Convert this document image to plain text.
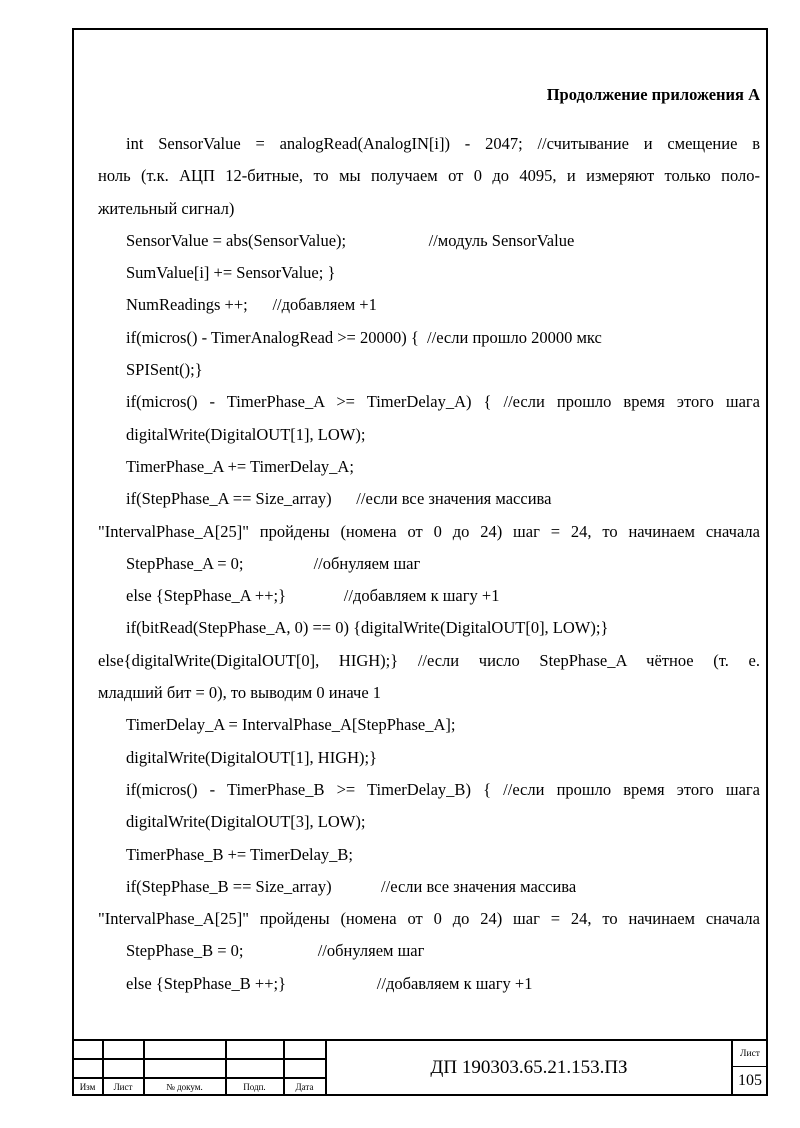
Продолжение приложения А
int SensorValue = analogRead(AnalogIN[i]) - 2047; //считывание и смещение в
ноль (т.к. АЦП 12-битные, то мы получаем от 0 до 4095, и измеряют только поло-
жительный сигнал)
SensorValue = abs(SensorValue);                    //модуль SensorValue
SumValue[i] += SensorValue; }
NumReadings ++;      //добавляем +1
if(micros() - TimerAnalogRead >= 20000) {  //если прошло 20000 мкс
SPISent();}
if(micros() - TimerPhase_A >= TimerDelay_A) { //если прошло время этого шага
digitalWrite(DigitalOUT[1], LOW);
TimerPhase_A += TimerDelay_A;
if(StepPhase_A == Size_array)      //если все значения массива
"IntervalPhase_A[25]" пройдены (номена от 0 до 24) шаг = 24, то начинаем сначала
StepPhase_A = 0;                 //обнуляем шаг
else {StepPhase_A ++;}              //добавляем к шагу +1
if(bitRead(StepPhase_A, 0) == 0) {digitalWrite(DigitalOUT[0], LOW);}
else{digitalWrite(DigitalOUT[0], HIGH);} //если число StepPhase_A чётное (т. е.
младший бит = 0), то выводим 0 иначе 1
TimerDelay_A = IntervalPhase_A[StepPhase_A];
digitalWrite(DigitalOUT[1], HIGH);}
if(micros() - TimerPhase_B >= TimerDelay_B) { //если прошло время этого шага
digitalWrite(DigitalOUT[3], LOW);
TimerPhase_B += TimerDelay_B;
if(StepPhase_B == Size_array)            //если все значения массива
"IntervalPhase_A[25]" пройдены (номена от 0 до 24) шаг = 24, то начинаем сначала
StepPhase_B = 0;                  //обнуляем шаг
else {StepPhase_B ++;}                      //добавляем к шагу +1
Изм	Лист	№ докум.	Подп.	Дата
ДП 190303.65.21.153.ПЗ
Лист
105
